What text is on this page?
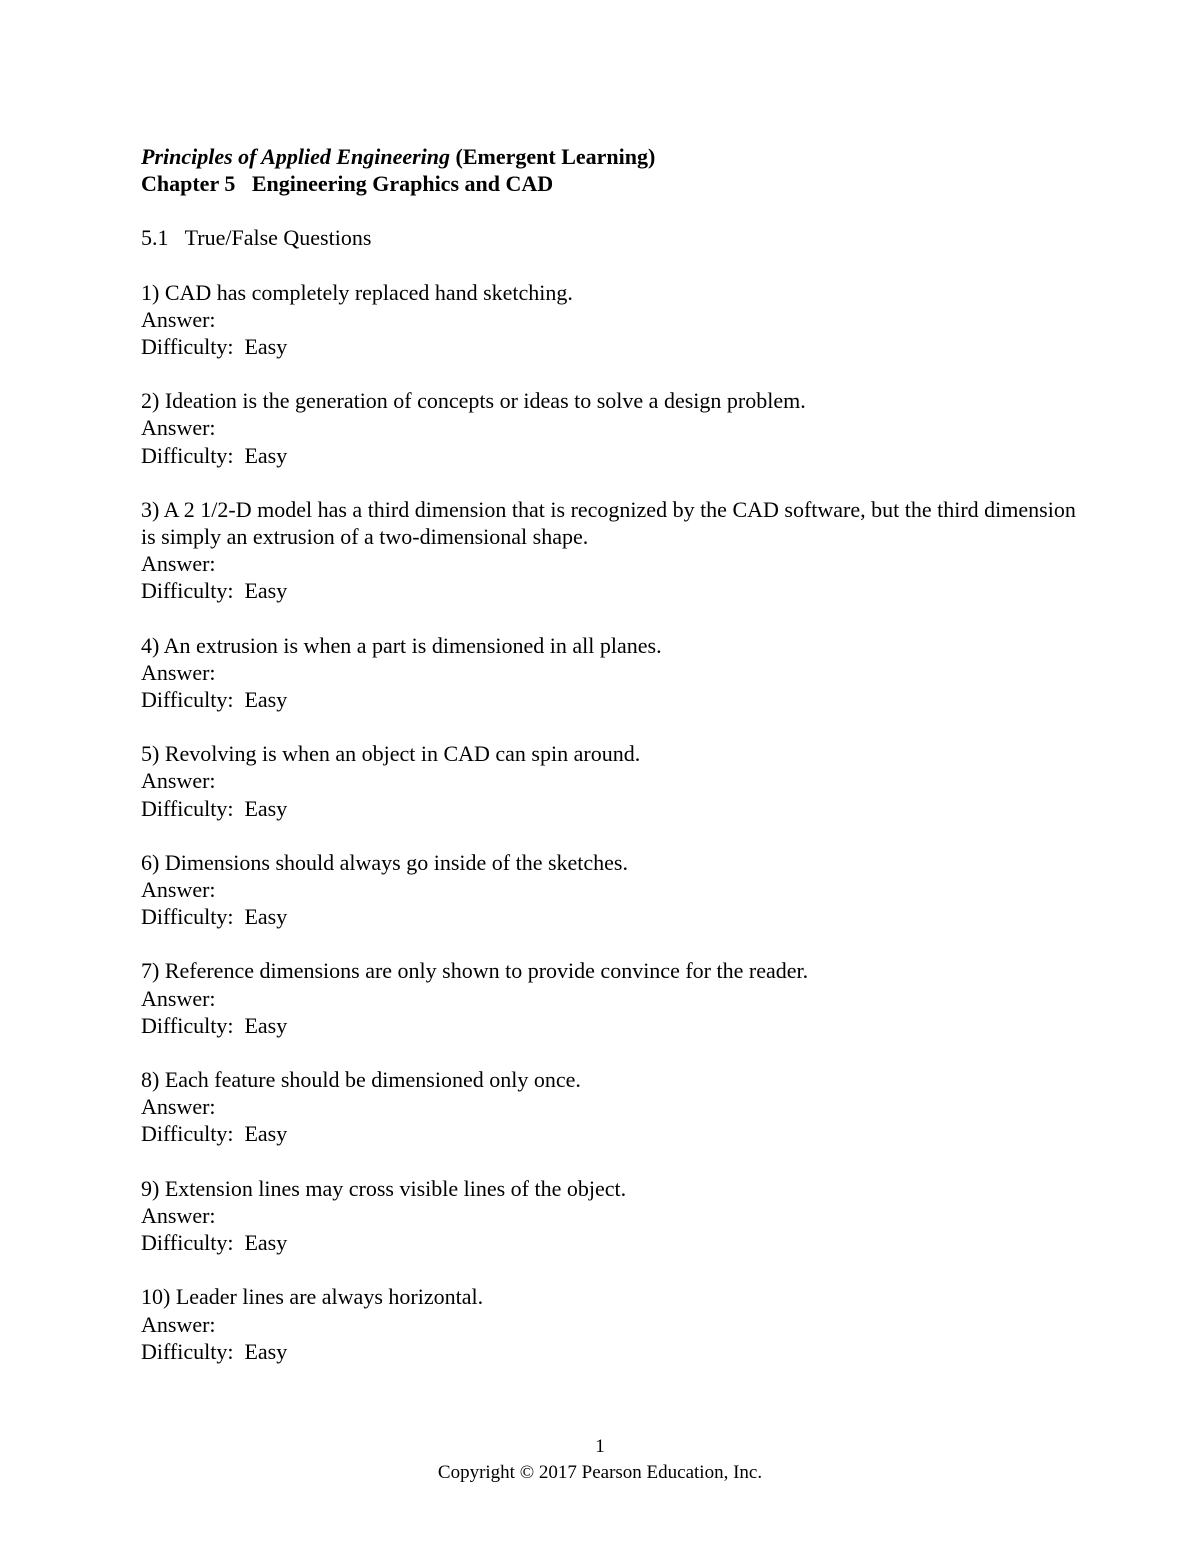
Principles of Applied Engineering (Emergent Learning)

Chapter 5   Engineering Graphics and CAD

5.1   True/False Questions

1) CAD has completely replaced hand sketching.

Answer:

Difficulty:  Easy

2) Ideation is the generation of concepts or ideas to solve a design problem.

Answer:

Difficulty:  Easy

3) A 2 1/2-D model has a third dimension that is recognized by the CAD software, but the third dimension is simply an extrusion of a two-dimensional shape.

Answer:

Difficulty:  Easy

4) An extrusion is when a part is dimensioned in all planes.

Answer:

Difficulty:  Easy

5) Revolving is when an object in CAD can spin around.

Answer:

Difficulty:  Easy

6) Dimensions should always go inside of the sketches.

Answer:

Difficulty:  Easy

7) Reference dimensions are only shown to provide convince for the reader.

Answer:

Difficulty:  Easy

8) Each feature should be dimensioned only once.

Answer:

Difficulty:  Easy

9) Extension lines may cross visible lines of the object.

Answer:

Difficulty:  Easy

10) Leader lines are always horizontal.

Answer:

Difficulty:  Easy

1
Copyright © 2017 Pearson Education, Inc.
